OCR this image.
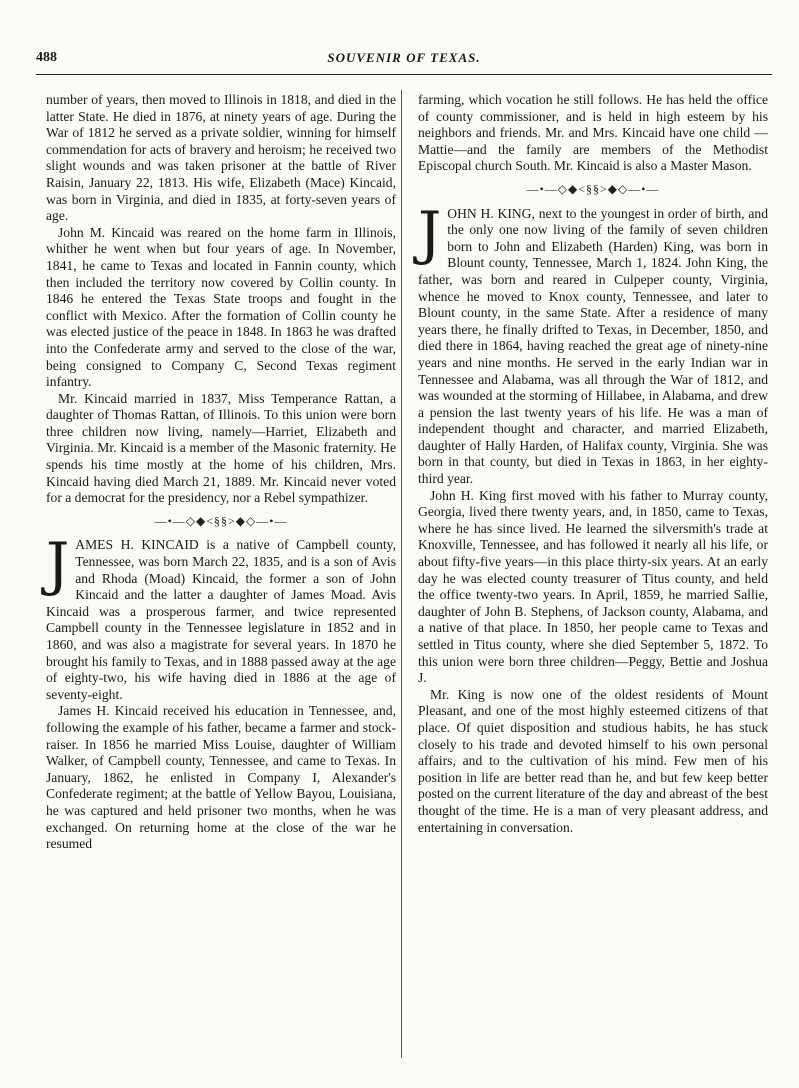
488	SOUVENIR OF TEXAS.

number of years, then moved to Illinois in 1818, and died in the latter State. He died in 1876, at ninety years of age. During the War of 1812 he served as a private soldier, winning for himself commendation for acts of bravery and heroism; he received two slight wounds and was taken prisoner at the battle of River Raisin, January 22, 1813. His wife, Elizabeth (Mace) Kincaid, was born in Virginia, and died in 1835, at forty-seven years of age.

John M. Kincaid was reared on the home farm in Illinois, whither he went when but four years of age. In November, 1841, he came to Texas and located in Fannin county, which then included the territory now covered by Collin county. In 1846 he entered the Texas State troops and fought in the conflict with Mexico. After the formation of Collin county he was elected justice of the peace in 1848. In 1863 he was drafted into the Confederate army and served to the close of the war, being consigned to Company C, Second Texas regiment infantry.

Mr. Kincaid married in 1837, Miss Temperance Rattan, a daughter of Thomas Rattan, of Illinois. To this union were born three children now living, namely—Harriet, Elizabeth and Virginia. Mr. Kincaid is a member of the Masonic fraternity. He spends his time mostly at the home of his children, Mrs. Kincaid having died March 21, 1889. Mr. Kincaid never voted for a democrat for the presidency, nor a Rebel sympathizer.

—•—◇◆<§§>◆◇—•—

JAMES H. KINCAID is a native of Campbell county, Tennessee, was born March 22, 1835, and is a son of Avis and Rhoda (Moad) Kincaid, the former a son of John Kincaid and the latter a daughter of James Moad. Avis Kincaid was a prosperous farmer, and twice represented Campbell county in the Tennessee legislature in 1852 and in 1860, and was also a magistrate for several years. In 1870 he brought his family to Texas, and in 1888 passed away at the age of eighty-two, his wife having died in 1886 at the age of seventy-eight.

James H. Kincaid received his education in Tennessee, and, following the example of his father, became a farmer and stock-raiser. In 1856 he married Miss Louise, daughter of William Walker, of Campbell county, Tennessee, and came to Texas. In January, 1862, he enlisted in Company I, Alexander's Confederate regiment; at the battle of Yellow Bayou, Louisiana, he was captured and held prisoner two months, when he was exchanged. On returning home at the close of the war he resumed

farming, which vocation he still follows. He has held the office of county commissioner, and is held in high esteem by his neighbors and friends. Mr. and Mrs. Kincaid have one child —Mattie—and the family are members of the Methodist Episcopal church South. Mr. Kincaid is also a Master Mason.

—•—◇◆<§§>◆◇—•—

JOHN H. KING, next to the youngest in order of birth, and the only one now living of the family of seven children born to John and Elizabeth (Harden) King, was born in Blount county, Tennessee, March 1, 1824. John King, the father, was born and reared in Culpeper county, Virginia, whence he moved to Knox county, Tennessee, and later to Blount county, in the same State. After a residence of many years there, he finally drifted to Texas, in December, 1850, and died there in 1864, having reached the great age of ninety-nine years and nine months. He served in the early Indian war in Tennessee and Alabama, was all through the War of 1812, and was wounded at the storming of Hillabee, in Alabama, and drew a pension the last twenty years of his life. He was a man of independent thought and character, and married Elizabeth, daughter of Hally Harden, of Halifax county, Virginia. She was born in that county, but died in Texas in 1863, in her eighty-third year.

John H. King first moved with his father to Murray county, Georgia, lived there twenty years, and, in 1850, came to Texas, where he has since lived. He learned the silversmith's trade at Knoxville, Tennessee, and has followed it nearly all his life, or about fifty-five years—in this place thirty-six years. At an early day he was elected county treasurer of Titus county, and held the office twenty-two years. In April, 1859, he married Sallie, daughter of John B. Stephens, of Jackson county, Alabama, and a native of that place. In 1850, her people came to Texas and settled in Titus county, where she died September 5, 1872. To this union were born three children—Peggy, Bettie and Joshua J.

Mr. King is now one of the oldest residents of Mount Pleasant, and one of the most highly esteemed citizens of that place. Of quiet disposition and studious habits, he has stuck closely to his trade and devoted himself to his own personal affairs, and to the cultivation of his mind. Few men of his position in life are better read than he, and but few keep better posted on the current literature of the day and abreast of the best thought of the time. He is a man of very pleasant address, and entertaining in conversation.
